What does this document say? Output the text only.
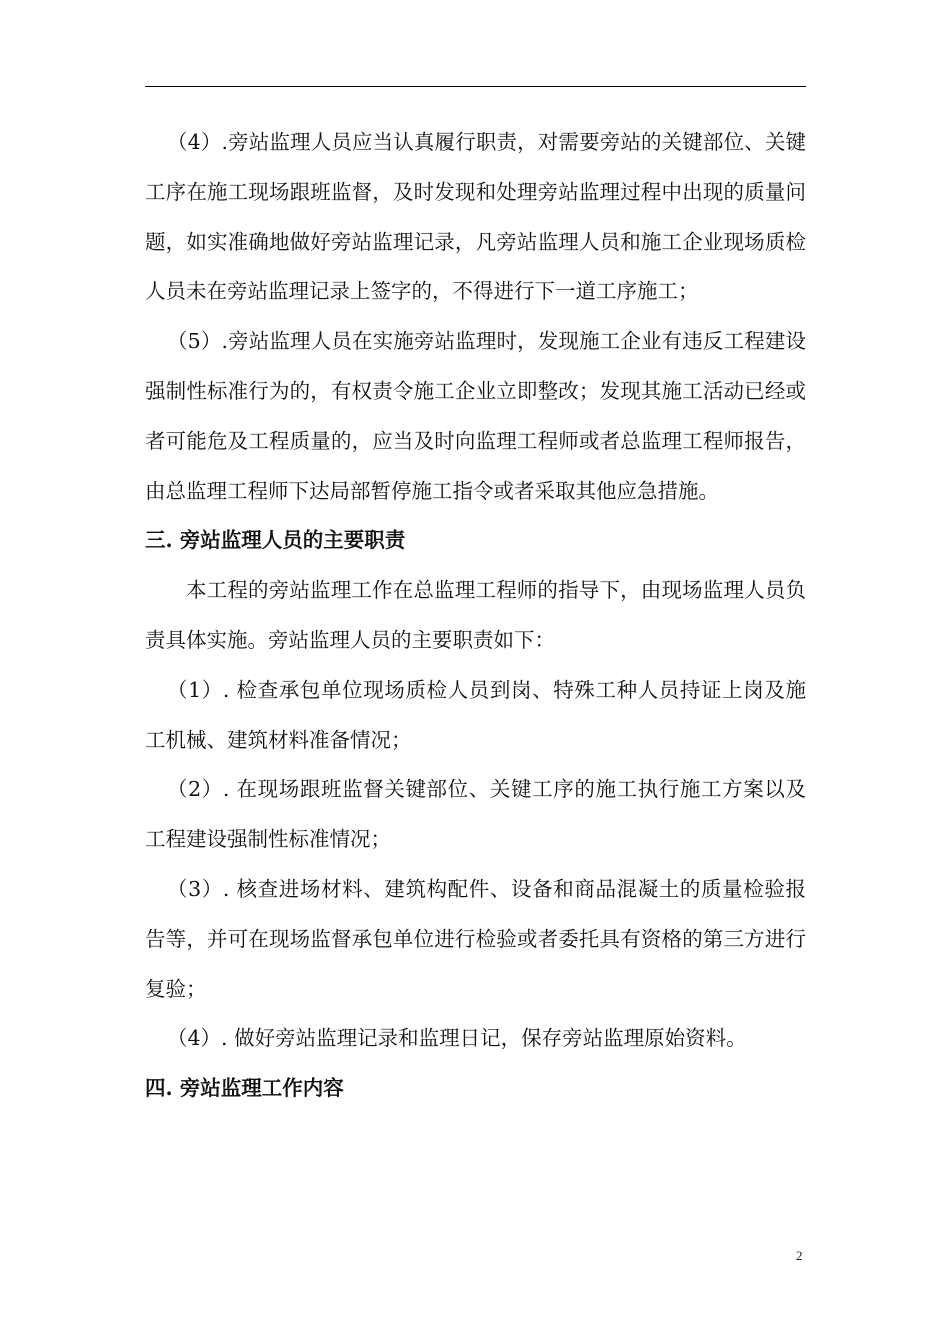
（4）.旁站监理人员应当认真履行职责，对需要旁站的关键部位、关键工序在施工现场跟班监督，及时发现和处理旁站监理过程中出现的质量问题，如实准确地做好旁站监理记录，凡旁站监理人员和施工企业现场质检人员未在旁站监理记录上签字的，不得进行下一道工序施工；

（5）.旁站监理人员在实施旁站监理时，发现施工企业有违反工程建设强制性标准行为的，有权责令施工企业立即整改；发现其施工活动已经或者可能危及工程质量的，应当及时向监理工程师或者总监理工程师报告，由总监理工程师下达局部暂停施工指令或者采取其他应急措施。

三. 旁站监理人员的主要职责

本工程的旁站监理工作在总监理工程师的指导下，由现场监理人员负责具体实施。旁站监理人员的主要职责如下：

（1）. 检查承包单位现场质检人员到岗、特殊工种人员持证上岗及施工机械、建筑材料准备情况；

（2）. 在现场跟班监督关键部位、关键工序的施工执行施工方案以及工程建设强制性标准情况；

（3）. 核查进场材料、建筑构配件、设备和商品混凝土的质量检验报告等，并可在现场监督承包单位进行检验或者委托具有资格的第三方进行复验；

（4）. 做好旁站监理记录和监理日记，保存旁站监理原始资料。

四. 旁站监理工作内容

2
